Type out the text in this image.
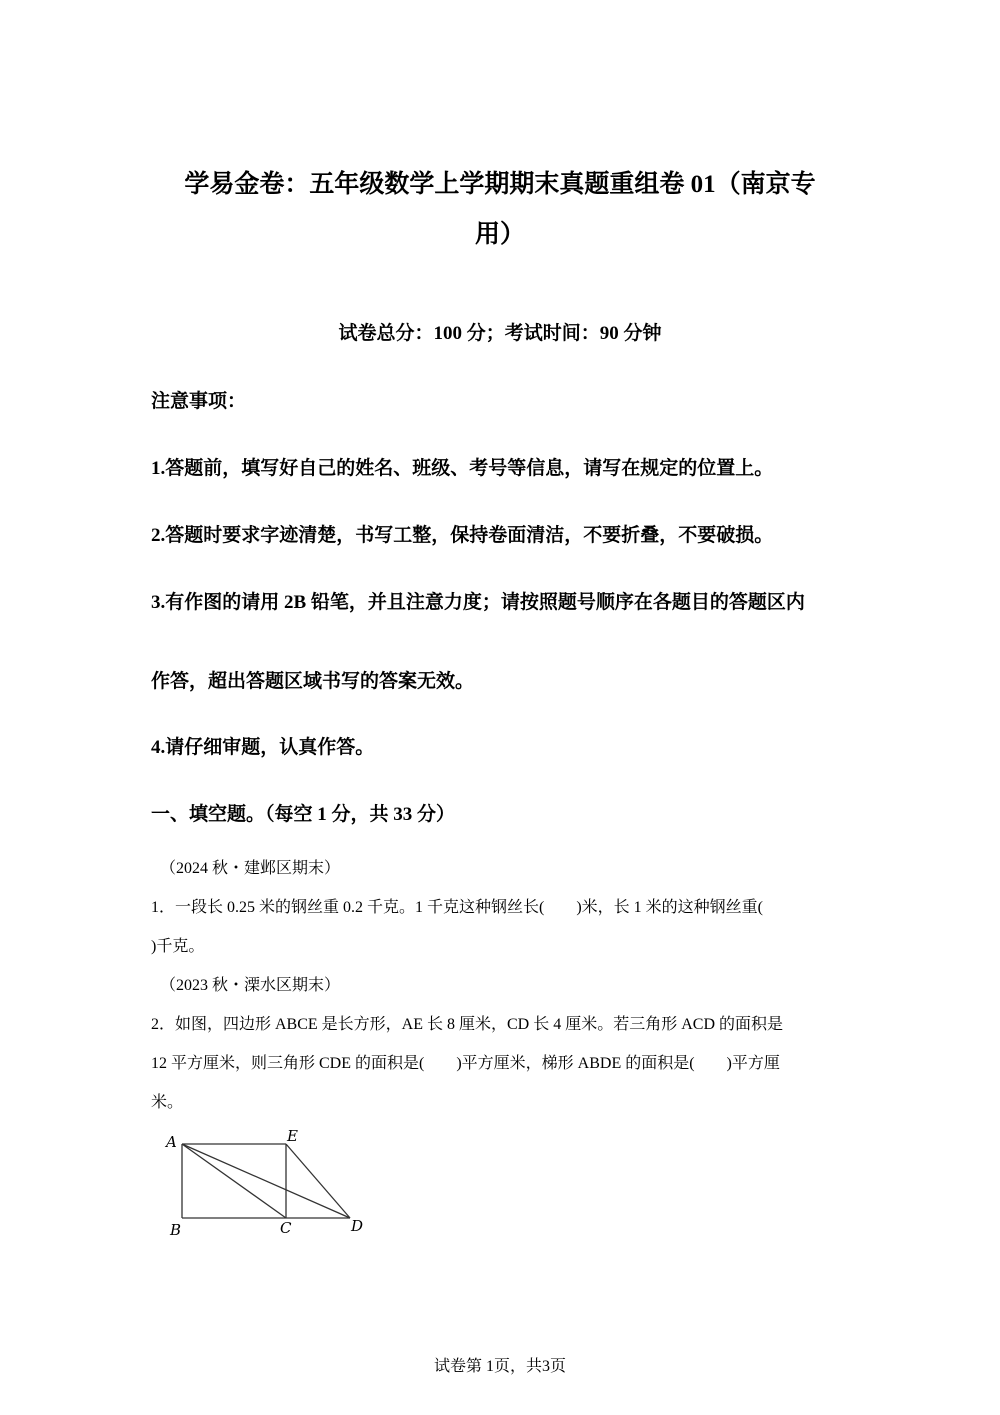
学易金卷：五年级数学上学期期末真题重组卷 01（南京专
用）
试卷总分：100 分；考试时间：90 分钟
注意事项：
1.答题前，填写好自己的姓名、班级、考号等信息，请写在规定的位置上。
2.答题时要求字迹清楚，书写工整，保持卷面清洁，不要折叠，不要破损。
3.有作图的请用 2B 铅笔，并且注意力度；请按照题号顺序在各题目的答题区内
作答，超出答题区域书写的答案无效。
4.请仔细审题，认真作答。
一、填空题。（每空 1 分，共 33 分）
（2024 秋・建邺区期末）
1．一段长 0.25 米的钢丝重 0.2 千克。1 千克这种钢丝长(　　)米，长 1 米的这种钢丝重(
)千克。
（2023 秋・溧水区期末）
2．如图，四边形 ABCE 是长方形，AE 长 8 厘米，CD 长 4 厘米。若三角形 ACD 的面积是
12 平方厘米，则三角形 CDE 的面积是(　　)平方厘米，梯形 ABDE 的面积是(　　)平方厘
米。
A	E
B	C	D
试卷第 1页，共3页
